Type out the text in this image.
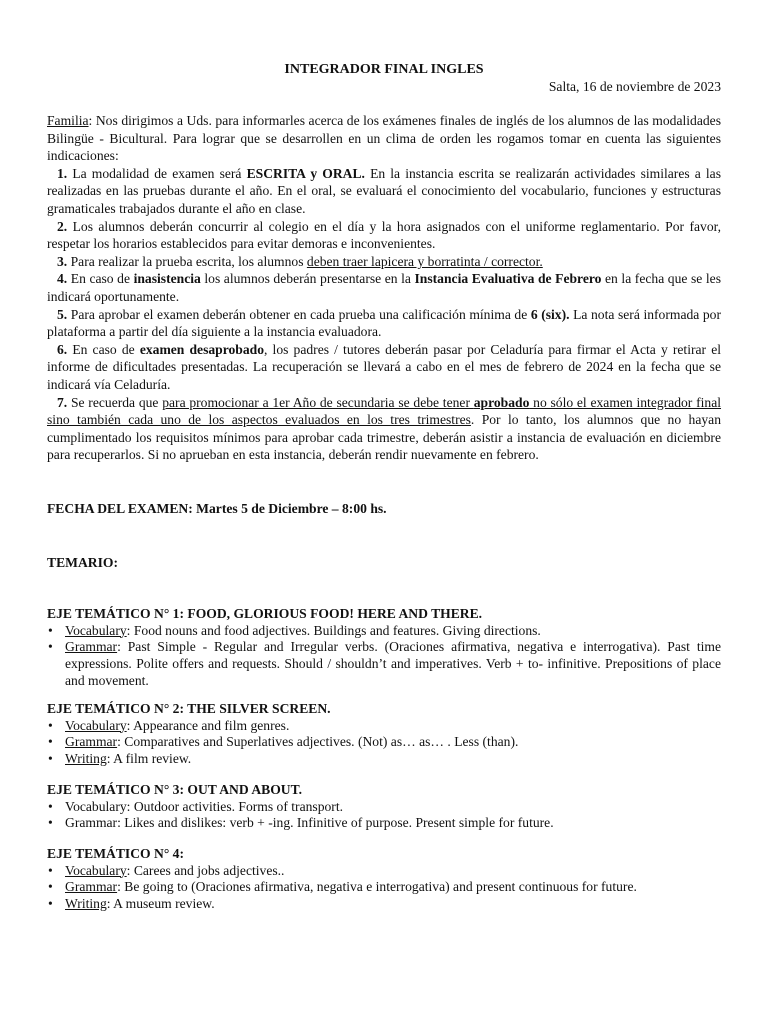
INTEGRADOR FINAL INGLES
Salta, 16 de noviembre de 2023

Familia: Nos dirigimos a Uds. para informarles acerca de los exámenes finales de inglés de los alumnos de las modalidades Bilingüe - Bicultural. Para lograr que se desarrollen en un clima de orden les rogamos tomar en cuenta las siguientes indicaciones:

1. La modalidad de examen será ESCRITA y ORAL. En la instancia escrita se realizarán actividades similares a las realizadas en las pruebas durante el año. En el oral, se evaluará el conocimiento del vocabulario, funciones y estructuras gramaticales trabajados durante el año en clase.

2. Los alumnos deberán concurrir al colegio en el día y la hora asignados con el uniforme reglamentario. Por favor, respetar los horarios establecidos para evitar demoras e inconvenientes.

3. Para realizar la prueba escrita, los alumnos deben traer lapicera y borratinta / corrector.

4. En caso de inasistencia los alumnos deberán presentarse en la Instancia Evaluativa de Febrero en la fecha que se les indicará oportunamente.

5. Para aprobar el examen deberán obtener en cada prueba una calificación mínima de 6 (six). La nota será informada por plataforma a partir del día siguiente a la instancia evaluadora.

6. En caso de examen desaprobado, los padres / tutores deberán pasar por Celaduría para firmar el Acta y retirar el informe de dificultades presentadas. La recuperación se llevará a cabo en el mes de febrero de 2024 en la fecha que se indicará vía Celaduría.

7. Se recuerda que para promocionar a 1er Año de secundaria se debe tener aprobado no sólo el examen integrador final sino también cada uno de los aspectos evaluados en los tres trimestres. Por lo tanto, los alumnos que no hayan cumplimentado los requisitos mínimos para aprobar cada trimestre, deberán asistir a instancia de evaluación en diciembre para recuperarlos. Si no aprueban en esta instancia, deberán rendir nuevamente en febrero.

FECHA DEL EXAMEN: Martes 5 de Diciembre – 8:00 hs.
TEMARIO:
EJE TEMÁTICO N° 1: FOOD, GLORIOUS FOOD! HERE AND THERE.
• Vocabulary: Food nouns and food adjectives. Buildings and features. Giving directions.
• Grammar: Past Simple - Regular and Irregular verbs. (Oraciones afirmativa, negativa e interrogativa). Past time expressions. Polite offers and requests. Should / shouldn’t and imperatives. Verb + to- infinitive. Prepositions of place and movement.
EJE TEMÁTICO N° 2: THE SILVER SCREEN.
• Vocabulary: Appearance and film genres.
• Grammar: Comparatives and Superlatives adjectives. (Not) as… as… . Less (than).
• Writing: A film review.
EJE TEMÁTICO N° 3: OUT AND ABOUT.
• Vocabulary: Outdoor activities. Forms of transport.
• Grammar: Likes and dislikes: verb + -ing. Infinitive of purpose. Present simple for future.
EJE TEMÁTICO N° 4:
• Vocabulary: Carees and jobs adjectives..
• Grammar: Be going to (Oraciones afirmativa, negativa e interrogativa) and present continuous for future.
• Writing: A museum review.
